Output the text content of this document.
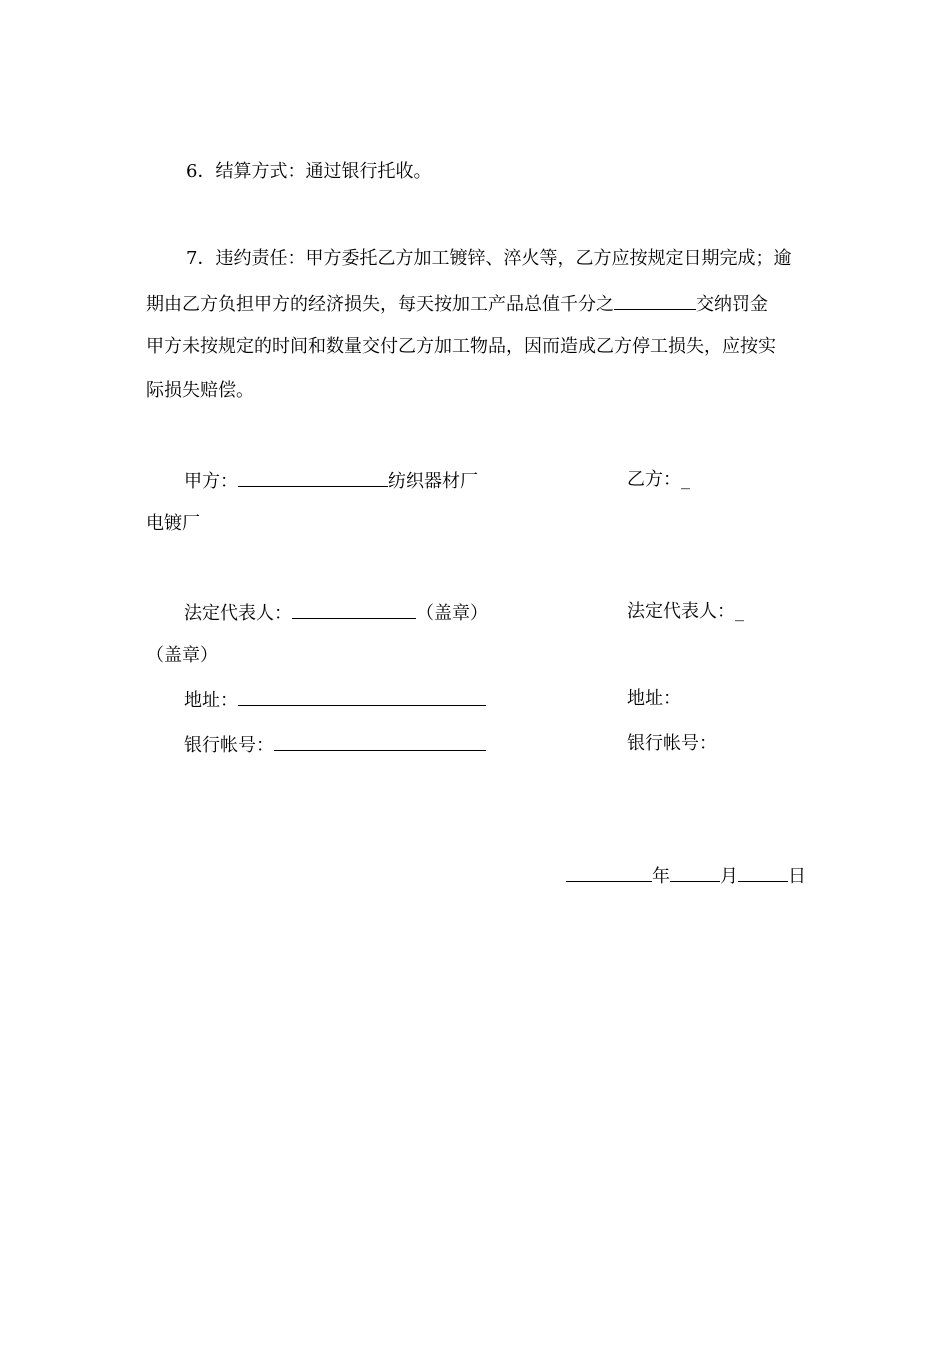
6．结算方式：通过银行托收。
7．违约责任：甲方委托乙方加工镀锌、淬火等，乙方应按规定日期完成；逾
期由乙方负担甲方的经济损失，每天按加工产品总值千分之	交纳罚金
甲方未按规定的时间和数量交付乙方加工物品，因而造成乙方停工损失，应按实
际损失赔偿。
甲方：	纺织器材厂	乙方：_
电镀厂
法定代表人：	（盖章）	法定代表人：_
（盖章）
地址：	地址：
银行帐号：	银行帐号：
年	月	日
